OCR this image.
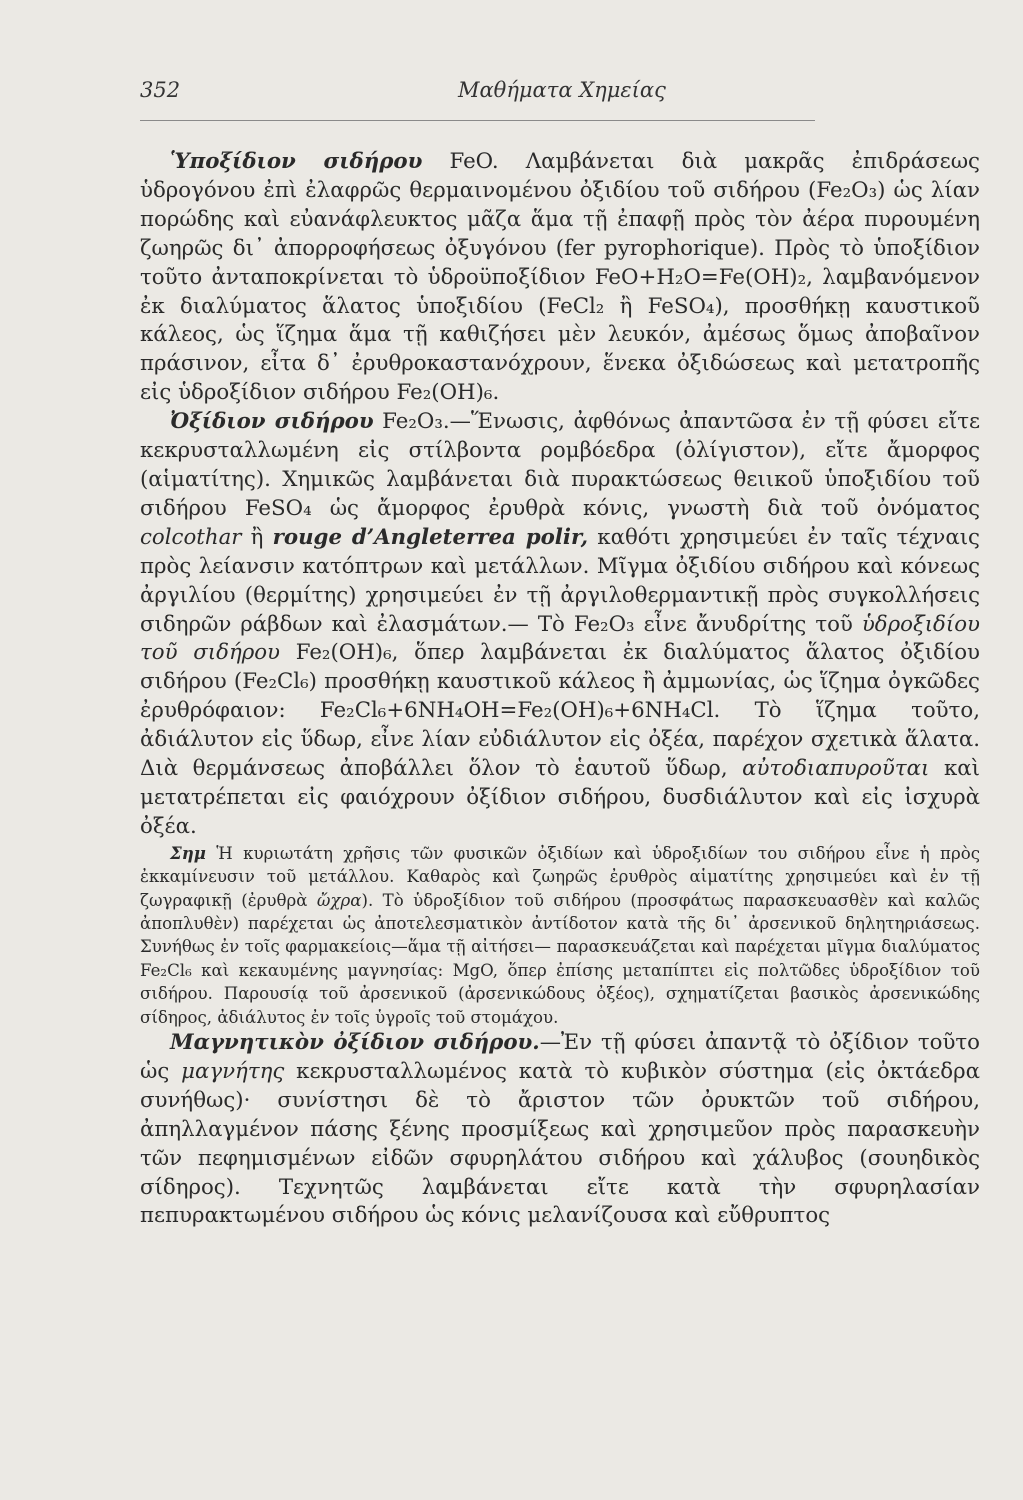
352	Μαθήματα Χημείας

Ὑποξίδιον σιδήρου FeO. Λαμβάνεται διὰ μακρᾶς ἐπιδράσεως ὑδρογόνου ἐπὶ ἐλαφρῶς θερμαινομένου ὀξιδίου τοῦ σιδήρου (Fe₂O₃) ὡς λίαν πορώδης καὶ εὐανάφλευκτος μᾶζα ἅμα τῇ ἐπαφῇ πρὸς τὸν ἀέρα πυρουμένη ζωηρῶς δι᾽ ἀπορροφήσεως ὀξυγόνου (fer pyrophorique). Πρὸς τὸ ὑποξίδιον τοῦτο ἀνταποκρίνεται τὸ ὑδροϋποξίδιον FeO+H₂O=Fe(OH)₂, λαμβανόμενον ἐκ διαλύματος ἅλατος ὑποξιδίου (FeCl₂ ἢ FeSO₄), προσθήκῃ καυστικοῦ κάλεος, ὡς ἵζημα ἅμα τῇ καθιζήσει μὲν λευκόν, ἀμέσως ὅμως ἀποβαῖνον πράσινον, εἶτα δ᾽ ἐρυθροκαστανόχρουν, ἕνεκα ὀξιδώσεως καὶ μετατροπῆς εἰς ὑδροξίδιον σιδήρου Fe₂(OH)₆.

Ὀξίδιον σιδήρου Fe₂O₃.—Ἕνωσις, ἀφθόνως ἀπαντῶσα ἐν τῇ φύσει εἴτε κεκρυσταλλωμένη εἰς στίλβοντα ρομβόεδρα (ὀλίγιστον), εἴτε ἄμορφος (αἱματίτης). Χημικῶς λαμβάνεται διὰ πυρακτώσεως θειικοῦ ὑποξιδίου τοῦ σιδήρου FeSO₄ ὡς ἄμορφος ἐρυθρὰ κόνις, γνωστὴ διὰ τοῦ ὀνόματος colcothar ἢ rouge d’Angleterrea polir, καθότι χρησιμεύει ἐν ταῖς τέχναις πρὸς λείανσιν κατόπτρων καὶ μετάλλων. Μῖγμα ὀξιδίου σιδήρου καὶ κόνεως ἀργιλίου (θερμίτης) χρησιμεύει ἐν τῇ ἀργιλοθερμαντικῇ πρὸς συγκολλήσεις σιδηρῶν ράβδων καὶ ἐλασμάτων.— Τὸ Fe₂O₃ εἶνε ἄνυδρίτης τοῦ ὑδροξιδίου τοῦ σιδήρου Fe₂(OH)₆, ὅπερ λαμβάνεται ἐκ διαλύματος ἅλατος ὀξιδίου σιδήρου (Fe₂Cl₆) προσθήκῃ καυστικοῦ κάλεος ἢ ἀμμωνίας, ὡς ἵζημα ὀγκῶδες ἐρυθρόφαιον: Fe₂Cl₆+6NH₄OH=Fe₂(OH)₆+6NH₄Cl. Τὸ ἵζημα τοῦτο, ἀδιάλυτον εἰς ὕδωρ, εἶνε λίαν εὐδιάλυτον εἰς ὀξέα, παρέχον σχετικὰ ἅλατα. Διὰ θερμάνσεως ἀποβάλλει ὅλον τὸ ἑαυτοῦ ὕδωρ, αὐτοδιαπυροῦται καὶ μετατρέπεται εἰς φαιόχρουν ὀξίδιον σιδήρου, δυσδιάλυτον καὶ εἰς ἰσχυρὰ ὀξέα.

Σημ Ἡ κυριωτάτη χρῆσις τῶν φυσικῶν ὀξιδίων καὶ ὑδροξιδίων του σιδήρου εἶνε ἡ πρὸς ἐκκαμίνευσιν τοῦ μετάλλου. Καθαρὸς καὶ ζωηρῶς ἐρυθρὸς αἱματίτης χρησιμεύει καὶ ἐν τῇ ζωγραφικῇ (ἐρυθρὰ ὤχρα). Τὸ ὑδροξίδιον τοῦ σιδήρου (προσφάτως παρασκευασθὲν καὶ καλῶς ἀποπλυθὲν) παρέχεται ὡς ἀποτελεσματικὸν ἀντίδοτον κατὰ τῆς δι᾽ ἀρσενικοῦ δηλητηριάσεως. Συνήθως ἐν τοῖς φαρμακείοις—ἅμα τῇ αἰτήσει— παρασκευάζεται καὶ παρέχεται μῖγμα διαλύματος Fe₂Cl₆ καὶ κεκαυμένης μαγνησίας: MgO, ὅπερ ἐπίσης μεταπίπτει εἰς πολτῶδες ὑδροξίδιον τοῦ σιδήρου. Παρουσίᾳ τοῦ ἀρσενικοῦ (ἀρσενικώδους ὀξέος), σχηματίζεται βασικὸς ἀρσενικώδης σίδηρος, ἀδιάλυτος ἐν τοῖς ὑγροῖς τοῦ στομάχου.

Μαγνητικὸν ὀξίδιον σιδήρου.—Ἐν τῇ φύσει ἀπαντᾷ τὸ ὀξίδιον τοῦτο ὡς μαγνήτης κεκρυσταλλωμένος κατὰ τὸ κυβικὸν σύστημα (εἰς ὀκτάεδρα συνήθως)· συνίστησι δὲ τὸ ἄριστον τῶν ὀρυκτῶν τοῦ σιδήρου, ἀπηλλαγμένον πάσης ξένης προσμίξεως καὶ χρησιμεῦον πρὸς παρασκευὴν τῶν πεφημισμένων εἰδῶν σφυρηλάτου σιδήρου καὶ χάλυβος (σουηδικὸς σίδηρος). Τεχνητῶς λαμβάνεται εἴτε κατὰ τὴν σφυρηλασίαν πεπυρακτωμένου σιδήρου ὡς κόνις μελανίζουσα καὶ εὔθρυπτος
